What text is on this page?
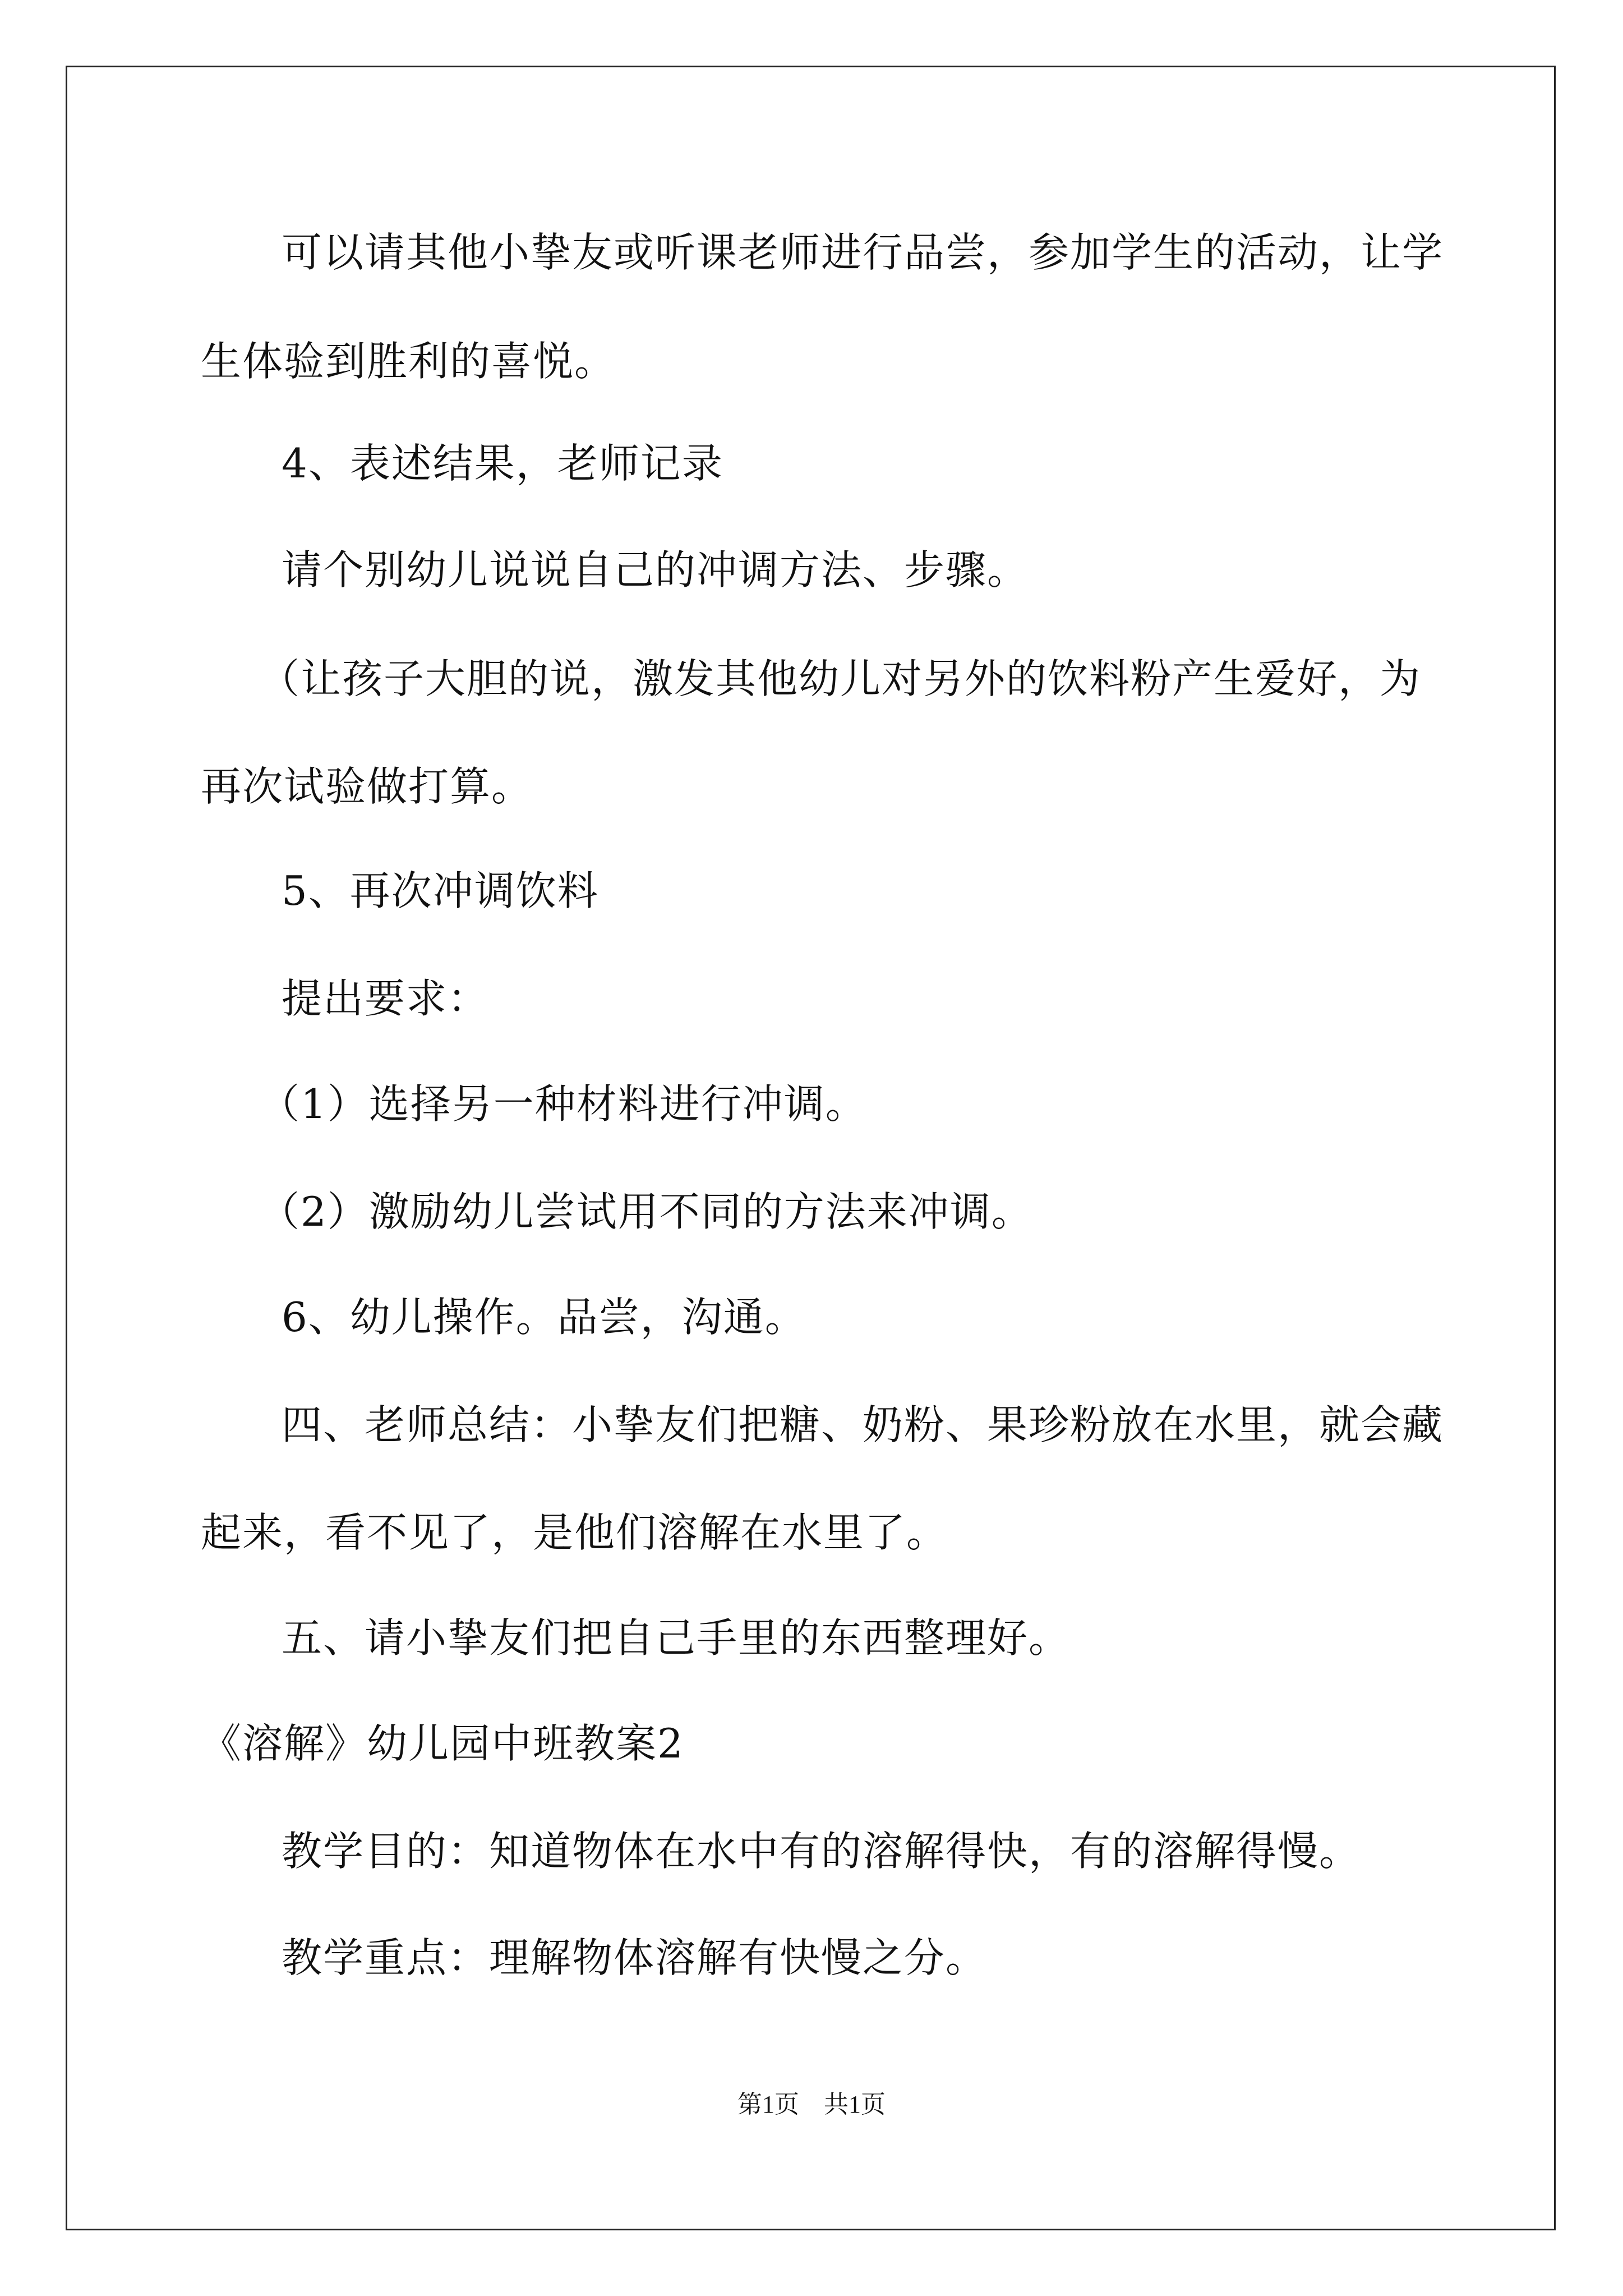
可以请其他小挚友或听课老师进行品尝，参加学生的活动，让学
生体验到胜利的喜悦。
4、表述结果，老师记录
请个别幼儿说说自己的冲调方法、步骤。
（让孩子大胆的说，激发其他幼儿对另外的饮料粉产生爱好，为
再次试验做打算。
5、再次冲调饮料
提出要求：
（1）选择另一种材料进行冲调。
（2）激励幼儿尝试用不同的方法来冲调。
6、幼儿操作。品尝，沟通。
四、老师总结：小挚友们把糖、奶粉、果珍粉放在水里，就会藏
起来，看不见了，是他们溶解在水里了。
五、请小挚友们把自己手里的东西整理好。
《溶解》幼儿园中班教案2
教学目的：知道物体在水中有的溶解得快，有的溶解得慢。
教学重点：理解物体溶解有快慢之分。
第1页　共1页
